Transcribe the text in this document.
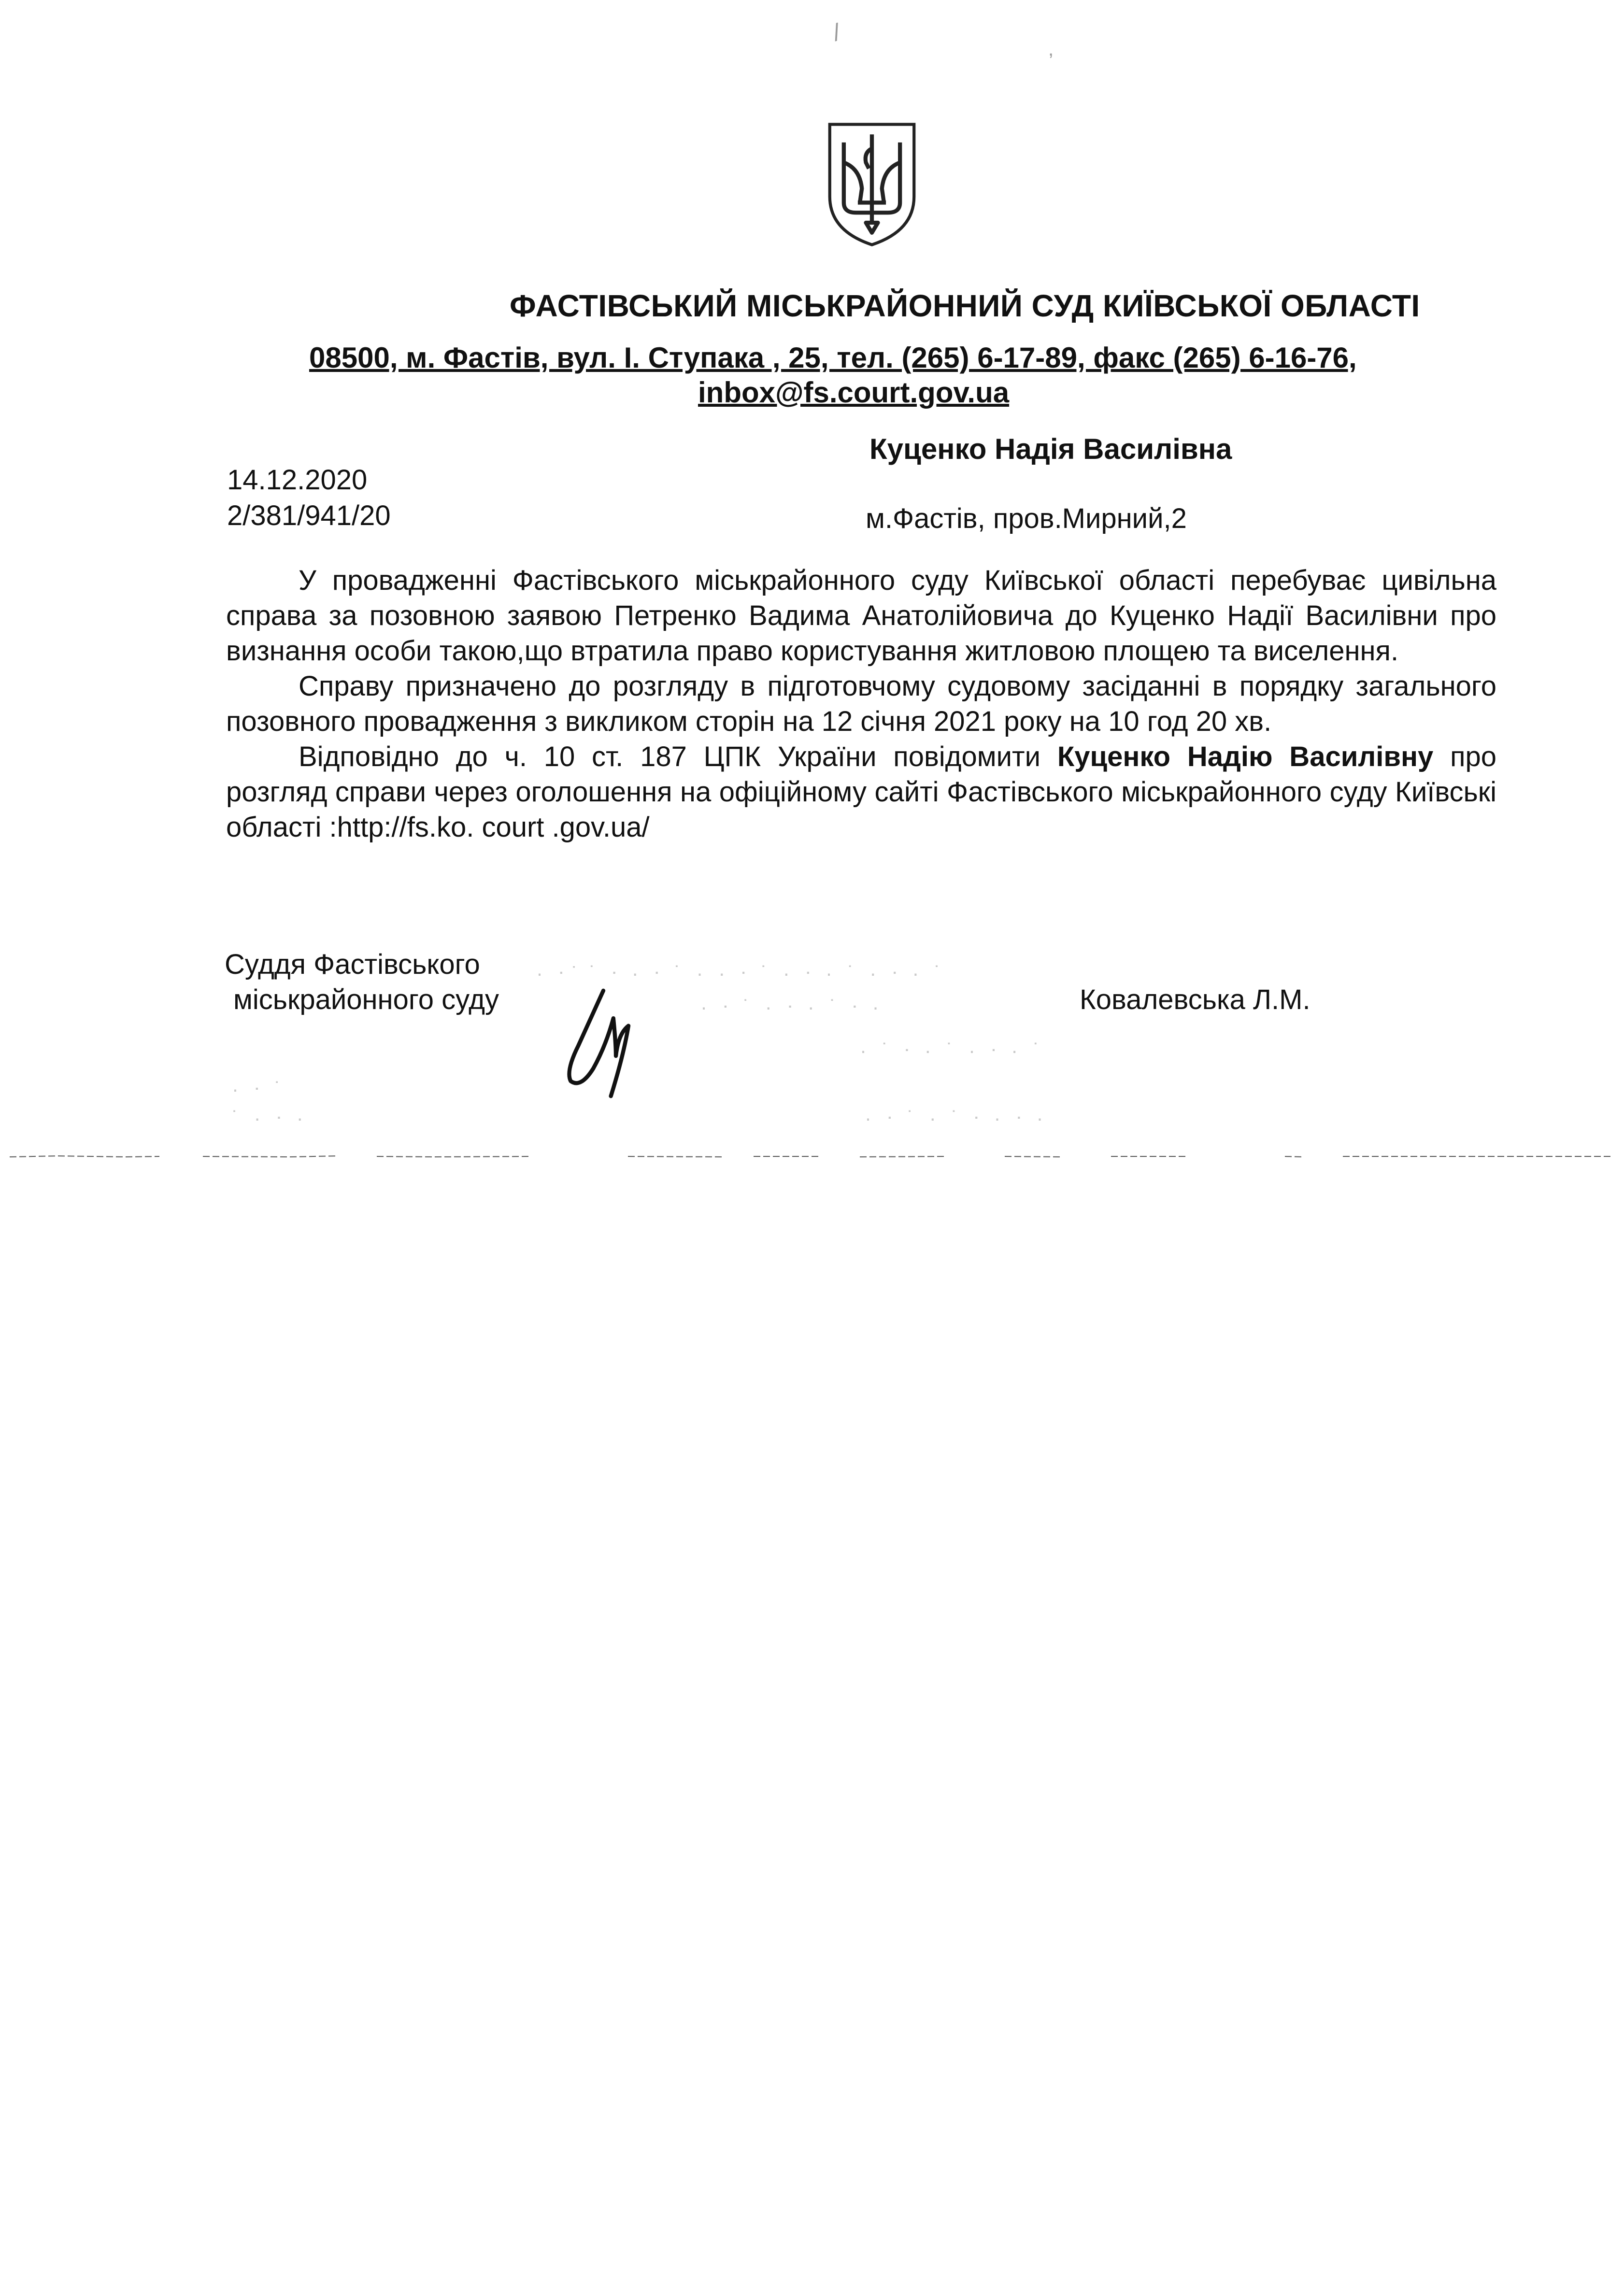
/
,
ФАСТІВСЬКИЙ МІСЬКРАЙОННИЙ СУД КИЇВСЬКОЇ ОБЛАСТІ
08500, м. Фастів, вул. І. Ступака , 25, тел. (265) 6-17-89, факс (265) 6-16-76,
inbox@fs.court.gov.ua
Куценко Надія Василівна
14.12.2020
2/381/941/20	м.Фастів, пров.Мирний,2

У провадженні Фастівського міськрайонного суду Київської області перебуває цивільна справа за позовною заявою Петренко Вадима Анатолійовича до Куценко Надії Василівни про визнання особи такою,що втратила право користування житловою площею та виселення.

Справу призначено до розгляду в підготовчому судовому засіданні в порядку загального позовного провадження з викликом сторін на 12 січня 2021 року на 10 год 20 хв.

Відповідно до ч. 10 ст. 187 ЦПК України повідомити Куценко Надію Василівну про розгляд справи через оголошення на офіційному сайті Фастівського міськрайонного суду Київські області :http://fs.ko. court .gov.ua/

Суддя Фастівського
міськрайонного суду	Ковалевська Л.М.
· ᐧ ̇ ˙ ᐧ · ᐧ ˙ · · ᐧ ˙ · ᐧ · ˙ · ᐧ · ˙
· ᐧ ˙ · ᐧ · ˙ ᐧ ·
· ˙ ᐧ · ˙ · ᐧ · ˙
· ᐧ ˙ · ˙ ᐧ · ᐧ ·
· ᐧ ˙
˙ · ᐧ ·
